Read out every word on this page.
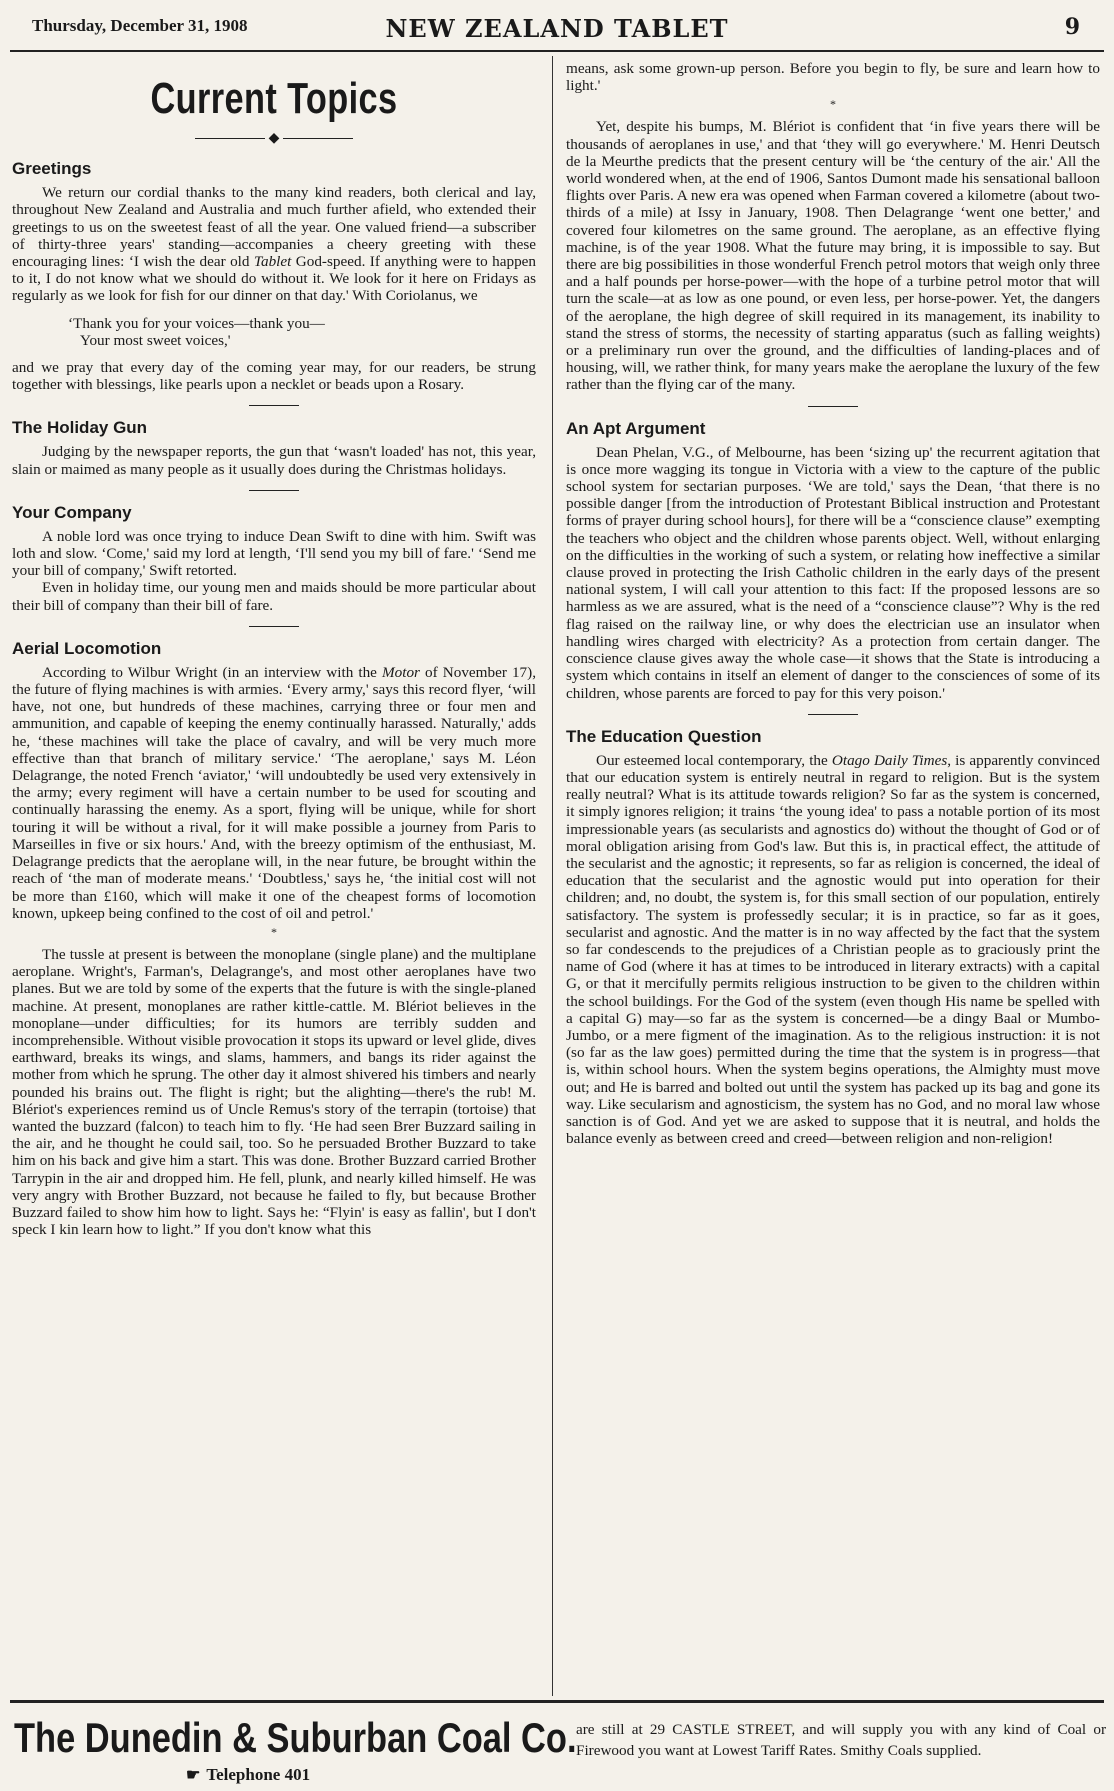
Thursday, December 31, 1908	NEW ZEALAND TABLET	9
Current Topics
◆
Greetings

We return our cordial thanks to the many kind readers, both clerical and lay, throughout New Zealand and Australia and much further afield, who extended their greetings to us on the sweetest feast of all the year. One valued friend—a subscriber of thirty-three years' standing—accompanies a cheery greeting with these encouraging lines: ‘I wish the dear old Tablet God-speed. If anything were to happen to it, I do not know what we should do without it. We look for it here on Fridays as regularly as we look for fish for our dinner on that day.' With Coriolanus, we

‘Thank you for your voices—thank you—
Your most sweet voices,'

and we pray that every day of the coming year may, for our readers, be strung together with blessings, like pearls upon a necklet or beads upon a Rosary.

The Holiday Gun

Judging by the newspaper reports, the gun that ‘wasn't loaded' has not, this year, slain or maimed as many people as it usually does during the Christmas holidays.

Your Company

A noble lord was once trying to induce Dean Swift to dine with him. Swift was loth and slow. ‘Come,' said my lord at length, ‘I'll send you my bill of fare.' ‘Send me your bill of company,' Swift retorted.

Even in holiday time, our young men and maids should be more particular about their bill of company than their bill of fare.

Aerial Locomotion

According to Wilbur Wright (in an interview with the Motor of November 17), the future of flying machines is with armies. ‘Every army,' says this record flyer, ‘will have, not one, but hundreds of these machines, carrying three or four men and ammunition, and capable of keeping the enemy continually harassed. Naturally,' adds he, ‘these machines will take the place of cavalry, and will be very much more effective than that branch of military service.' ‘The aeroplane,' says M. Léon Delagrange, the noted French ‘aviator,' ‘will undoubtedly be used very extensively in the army; every regiment will have a certain number to be used for scouting and continually harassing the enemy. As a sport, flying will be unique, while for short touring it will be without a rival, for it will make possible a journey from Paris to Marseilles in five or six hours.' And, with the breezy optimism of the enthusiast, M. Delagrange predicts that the aeroplane will, in the near future, be brought within the reach of ‘the man of moderate means.' ‘Doubtless,' says he, ‘the initial cost will not be more than £160, which will make it one of the cheapest forms of locomotion known, upkeep being confined to the cost of oil and petrol.'

*

The tussle at present is between the monoplane (single plane) and the multiplane aeroplane. Wright's, Farman's, Delagrange's, and most other aeroplanes have two planes. But we are told by some of the experts that the future is with the single-planed machine. At present, monoplanes are rather kittle-cattle. M. Blériot believes in the monoplane—under difficulties; for its humors are terribly sudden and incomprehensible. Without visible provocation it stops its upward or level glide, dives earthward, breaks its wings, and slams, hammers, and bangs its rider against the mother from which he sprung. The other day it almost shivered his timbers and nearly pounded his brains out. The flight is right; but the alighting—there's the rub! M. Blériot's experiences remind us of Uncle Remus's story of the terrapin (tortoise) that wanted the buzzard (falcon) to teach him to fly. ‘He had seen Brer Buzzard sailing in the air, and he thought he could sail, too. So he persuaded Brother Buzzard to take him on his back and give him a start. This was done. Brother Buzzard carried Brother Tarrypin in the air and dropped him. He fell, plunk, and nearly killed himself. He was very angry with Brother Buzzard, not because he failed to fly, but because Brother Buzzard failed to show him how to light. Says he: “Flyin' is easy as fallin', but I don't speck I kin learn how to light.” If you don't know what this

means, ask some grown-up person. Before you begin to fly, be sure and learn how to light.'

*

Yet, despite his bumps, M. Blériot is confident that ‘in five years there will be thousands of aeroplanes in use,' and that ‘they will go everywhere.' M. Henri Deutsch de la Meurthe predicts that the present century will be ‘the century of the air.' All the world wondered when, at the end of 1906, Santos Dumont made his sensational balloon flights over Paris. A new era was opened when Farman covered a kilometre (about two-thirds of a mile) at Issy in January, 1908. Then Delagrange ‘went one better,' and covered four kilometres on the same ground. The aeroplane, as an effective flying machine, is of the year 1908. What the future may bring, it is impossible to say. But there are big possibilities in those wonderful French petrol motors that weigh only three and a half pounds per horse-power—with the hope of a turbine petrol motor that will turn the scale—at as low as one pound, or even less, per horse-power. Yet, the dangers of the aeroplane, the high degree of skill required in its management, its inability to stand the stress of storms, the necessity of starting apparatus (such as falling weights) or a preliminary run over the ground, and the difficulties of landing-places and of housing, will, we rather think, for many years make the aeroplane the luxury of the few rather than the flying car of the many.

An Apt Argument

Dean Phelan, V.G., of Melbourne, has been ‘sizing up' the recurrent agitation that is once more wagging its tongue in Victoria with a view to the capture of the public school system for sectarian purposes. ‘We are told,' says the Dean, ‘that there is no possible danger [from the introduction of Protestant Biblical instruction and Protestant forms of prayer during school hours], for there will be a “conscience clause” exempting the teachers who object and the children whose parents object. Well, without enlarging on the difficulties in the working of such a system, or relating how ineffective a similar clause proved in protecting the Irish Catholic children in the early days of the present national system, I will call your attention to this fact: If the proposed lessons are so harmless as we are assured, what is the need of a “conscience clause”? Why is the red flag raised on the railway line, or why does the electrician use an insulator when handling wires charged with electricity? As a protection from certain danger. The conscience clause gives away the whole case—it shows that the State is introducing a system which contains in itself an element of danger to the consciences of some of its children, whose parents are forced to pay for this very poison.'

The Education Question

Our esteemed local contemporary, the Otago Daily Times, is apparently convinced that our education system is entirely neutral in regard to religion. But is the system really neutral? What is its attitude towards religion? So far as the system is concerned, it simply ignores religion; it trains ‘the young idea' to pass a notable portion of its most impressionable years (as secularists and agnostics do) without the thought of God or of moral obligation arising from God's law. But this is, in practical effect, the attitude of the secularist and the agnostic; it represents, so far as religion is concerned, the ideal of education that the secularist and the agnostic would put into operation for their children; and, no doubt, the system is, for this small section of our population, entirely satisfactory. The system is professedly secular; it is in practice, so far as it goes, secularist and agnostic. And the matter is in no way affected by the fact that the system so far condescends to the prejudices of a Christian people as to graciously print the name of God (where it has at times to be introduced in literary extracts) with a capital G, or that it mercifully permits religious instruction to be given to the children within the school buildings. For the God of the system (even though His name be spelled with a capital G) may—so far as the system is concerned—be a dingy Baal or Mumbo-Jumbo, or a mere figment of the imagination. As to the religious instruction: it is not (so far as the law goes) permitted during the time that the system is in progress—that is, within school hours. When the system begins operations, the Almighty must move out; and He is barred and bolted out until the system has packed up its bag and gone its way. Like secularism and agnosticism, the system has no God, and no moral law whose sanction is of God. And yet we are asked to suppose that it is neutral, and holds the balance evenly as between creed and creed—between religion and non-religion!

The Dunedin & Suburban Coal Co.
☛ Telephone 401
are still at 29 CASTLE STREET, and will supply you with any kind of Coal or Firewood you want at Lowest Tariff Rates. Smithy Coals supplied.
